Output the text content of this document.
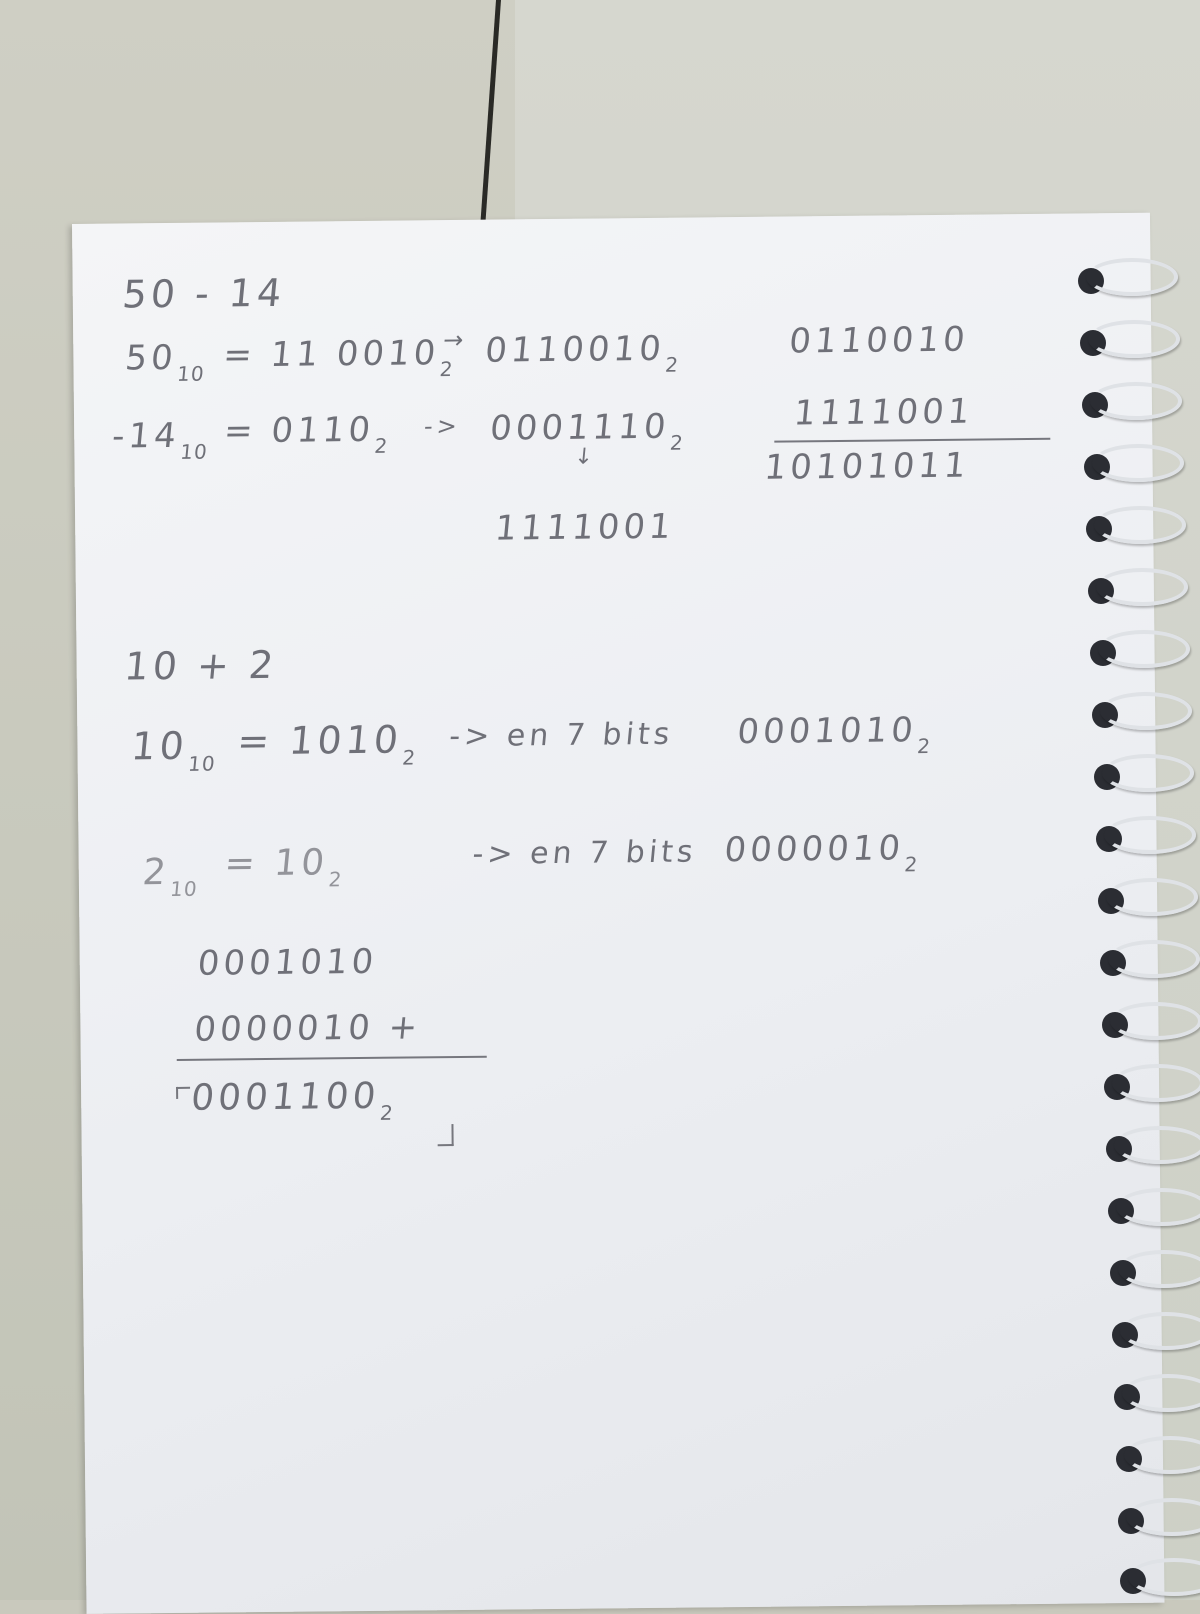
50 - 14
$50_{10} = 11$ $0010_2$
→ $0110010_2$
0110010
$-14_{10}$
= $0110_2$
-> $0001110_2$
1111001
10101011
↓
1111001
10 + 2
$10_{10}$
= $1010_2$
-> en 7 bits $0001010_2$
$2_{10}$
= $10_2$
-> en 7 bits $0000010_2$
0001010
0000010 +
$0001100_2$
